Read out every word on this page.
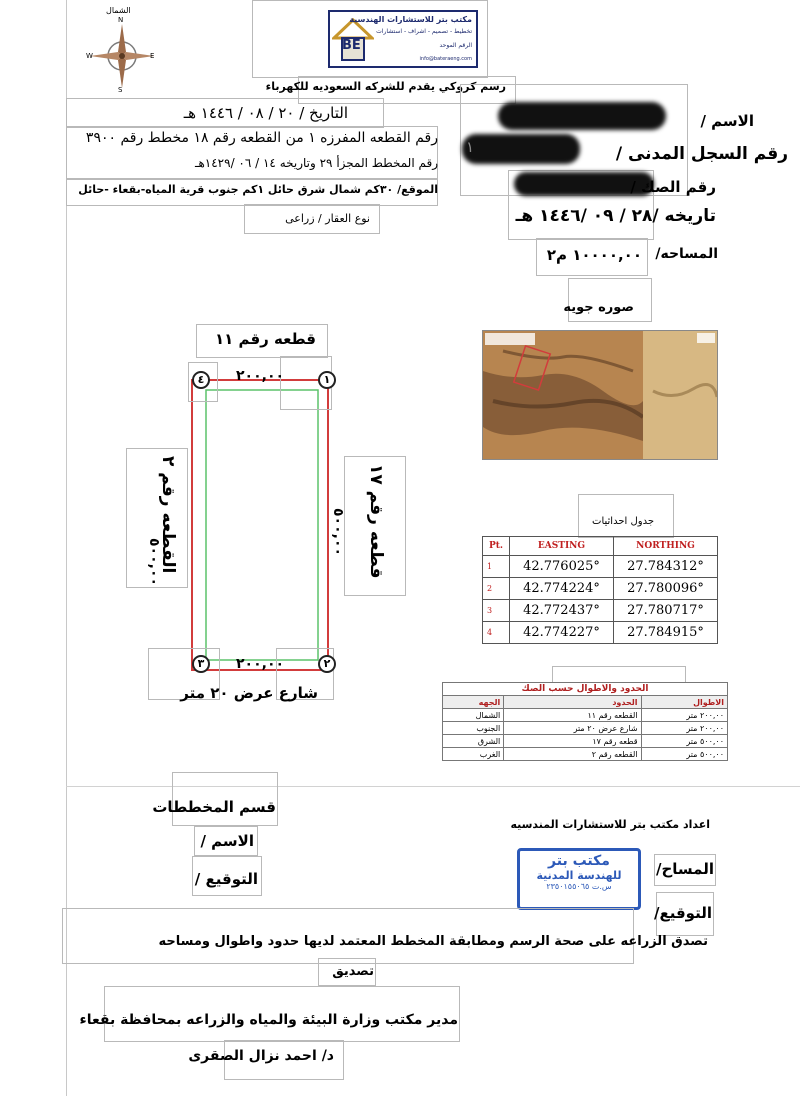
الشمال
N
S
E
W
BE
مكتب بتر للاستشارات الهندسية
تخطيط - تصميم - اشراف - استشارات
الرقم الموحد
info@bateraeng.com
رسم كروكي يقدم للشركه السعوديه للكهرباء
الاسم /
١	رقم السجل المدنى /
رقم الصك /
تاريخه /٢٨ / ٠٩ /١٤٤٦ هـ
المساحه/
١٠٠٠٠,٠٠ م٢
التاريخ / ٢٠ / ٠٨ / ١٤٤٦ هـ
رقم القطعه المفرزه ١ من القطعه رقم ١٨ مخطط رقم ٣٩٠٠
رقم المخطط المجزأ ٢٩ وتاريخه ١٤ / ٠٦ /١٤٢٩هـ
الموقع/ ٣٠كم شمال شرق حائل ١كم جنوب قرية المياه-بقعاء -حائل
نوع العقار / زراعى
صوره جويه
قطعه رقم ١١
١
٢
٣
٤	٢٠٠,٠٠
٢٠٠,٠٠
٥٠٠,٠٠
٥٠٠,٠٠
قطعه رقم ١٧
القطعه رقم ٢
شارع عرض ٢٠ متر
جدول احداثيات
Pt.	EASTING	NORTHING
1	42.776025°	27.784312°
2	42.774224°	27.780096°
3	42.772437°	27.780717°
4	42.774227°	27.784915°
الحدود والاطوال حسب الصك		
الجهه	الحدود	الاطوال
الشمال	القطعه رقم ١١	٢٠٠,٠٠ متر
الجنوب	شارع عرض ٢٠ متر	٢٠٠,٠٠ متر
الشرق	قطعه رقم ١٧	٥٠٠,٠٠ متر
الغرب	القطعه رقم ٢	٥٠٠,٠٠ متر
قسم المخططات
الاسم /
التوقيع /
اعداد مكتب بتر للاستشارات المندسيه
المساح/
التوقيع/
مكتب بتر
للهندسة المدنية
س.ت ٢٣٥٠١٥٥٠٦٥
تصدق الزراعه على صحة الرسم ومطابقة المخطط المعتمد لديها حدود واطوال ومساحه
تصديق
مدير مكتب وزارة البيئة والمياه والزراعه بمحافظة بقعاء
د/ احمد نزال الصقرى
